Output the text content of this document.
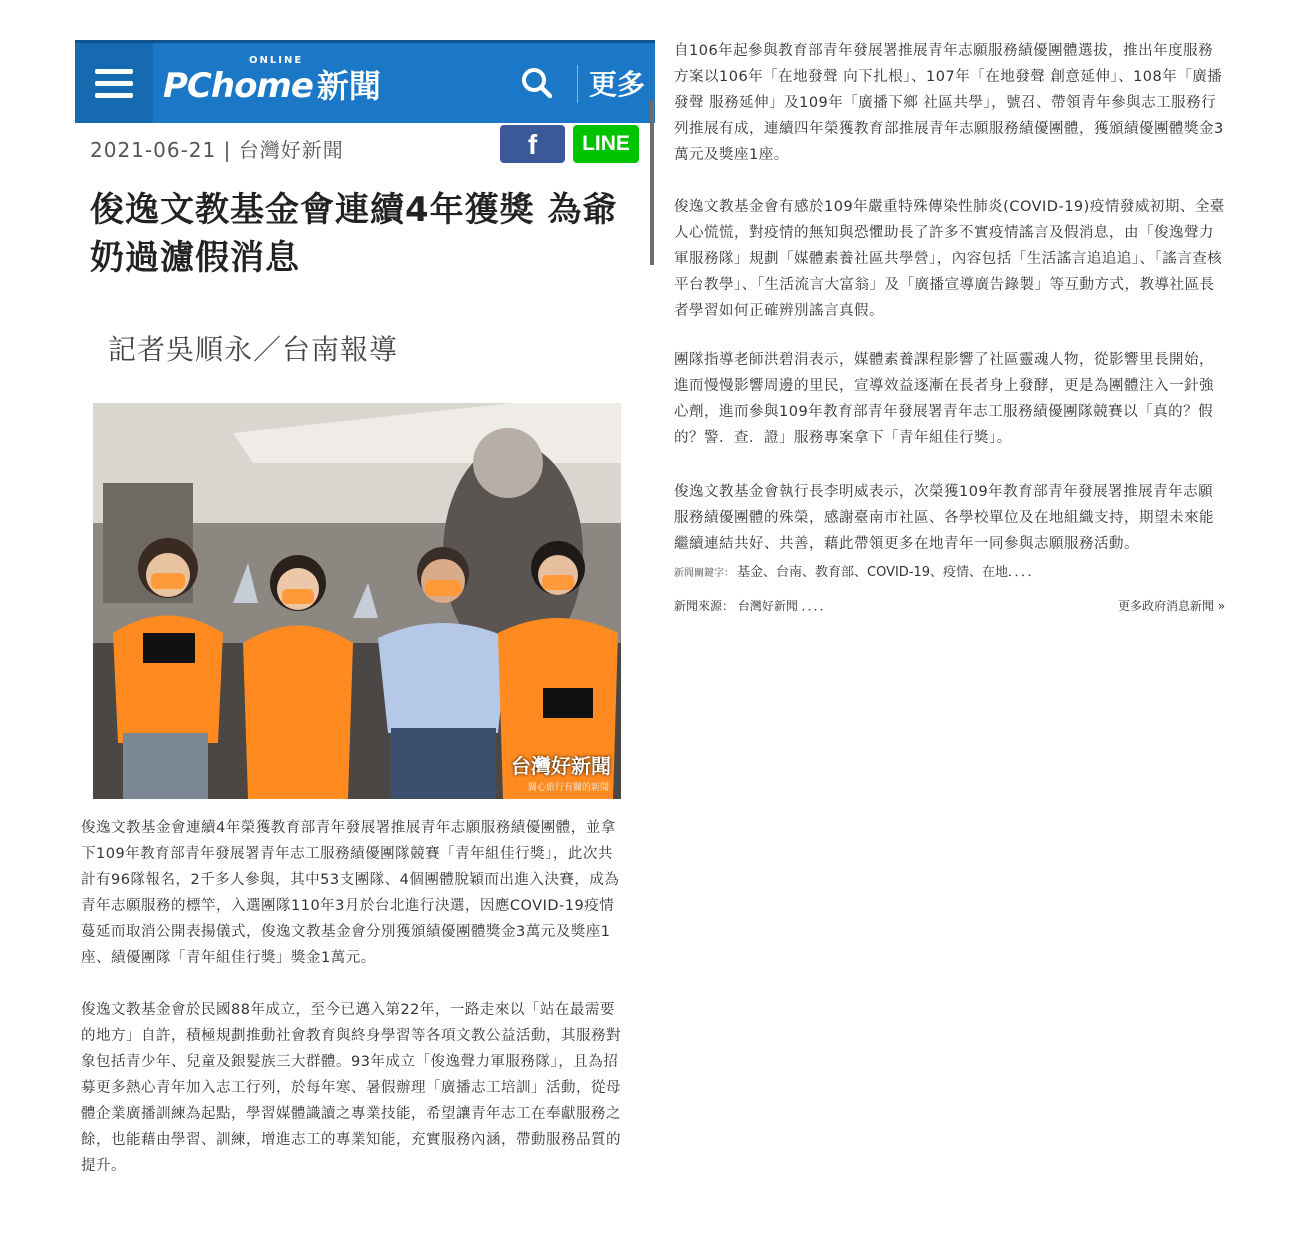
ONLINE
PChome 新聞	更多
2021-06-21 | 台灣好新聞	f	LINE
俊逸文教基金會連續4年獲獎 為爺奶過濾假消息
記者吳順永／台南報導
台灣好新聞
關心旅行有關的新聞
俊逸文教基金會連續4年榮獲教育部青年發展署推展青年志願服務績優團體，並拿下109年教育部青年發展署青年志工服務績優團隊競賽「青年組佳行獎」，此次共計有96隊報名，2千多人參與，其中53支團隊、4個團體脫穎而出進入決賽，成為青年志願服務的標竿，入選團隊110年3月於台北進行決選，因應COVID-19疫情蔓延而取消公開表揚儀式，俊逸文教基金會分別獲頒績優團體獎金3萬元及獎座1座、績優團隊「青年組佳行獎」獎金1萬元。
俊逸文教基金會於民國88年成立，至今已邁入第22年，一路走來以「站在最需要的地方」自許，積極規劃推動社會教育與終身學習等各項文教公益活動，其服務對象包括青少年、兒童及銀髮族三大群體。93年成立「俊逸聲力軍服務隊」，且為招募更多熱心青年加入志工行列，於每年寒、暑假辦理「廣播志工培訓」活動，從母體企業廣播訓練為起點，學習媒體識讀之專業技能，希望讓青年志工在奉獻服務之餘，也能藉由學習、訓練，增進志工的專業知能，充實服務內涵，帶動服務品質的提升。
自106年起參與教育部青年發展署推展青年志願服務績優團體選拔，推出年度服務方案以106年「在地發聲 向下扎根」、107年「在地發聲 創意延伸」、108年「廣播發聲 服務延伸」及109年「廣播下鄉 社區共學」，號召、帶領青年參與志工服務行列推展有成，連續四年榮獲教育部推展青年志願服務績優團體，獲頒績優團體獎金3萬元及獎座1座。
俊逸文教基金會有感於109年嚴重特殊傳染性肺炎(COVID-19)疫情發威初期、全臺人心慌慌，對疫情的無知與恐懼助長了許多不實疫情謠言及假消息，由「俊逸聲力軍服務隊」規劃「媒體素養社區共學營」，內容包括「生活謠言追追追」、「謠言查核平台教學」、「生活流言大富翁」及「廣播宣導廣告錄製」等互動方式，教導社區長者學習如何正確辨別謠言真假。
團隊指導老師洪碧涓表示，媒體素養課程影響了社區靈魂人物，從影響里長開始，進而慢慢影響周邊的里民，宣導效益逐漸在長者身上發酵，更是為團體注入一針強心劑，進而參與109年教育部青年發展署青年志工服務績優團隊競賽以「真的？假的？警．查．證」服務專案拿下「青年組佳行獎」。
俊逸文教基金會執行長李明威表示，次榮獲109年教育部青年發展署推展青年志願服務績優團體的殊榮，感謝臺南市社區、各學校單位及在地組織支持，期望未來能繼續連結共好、共善，藉此帶領更多在地青年一同參與志願服務活動。
新聞關鍵字： 基金、台南、教育部、COVID-19、疫情、在地．．．．
新聞來源： 台灣好新聞 ．．．．	更多政府消息新聞 »
